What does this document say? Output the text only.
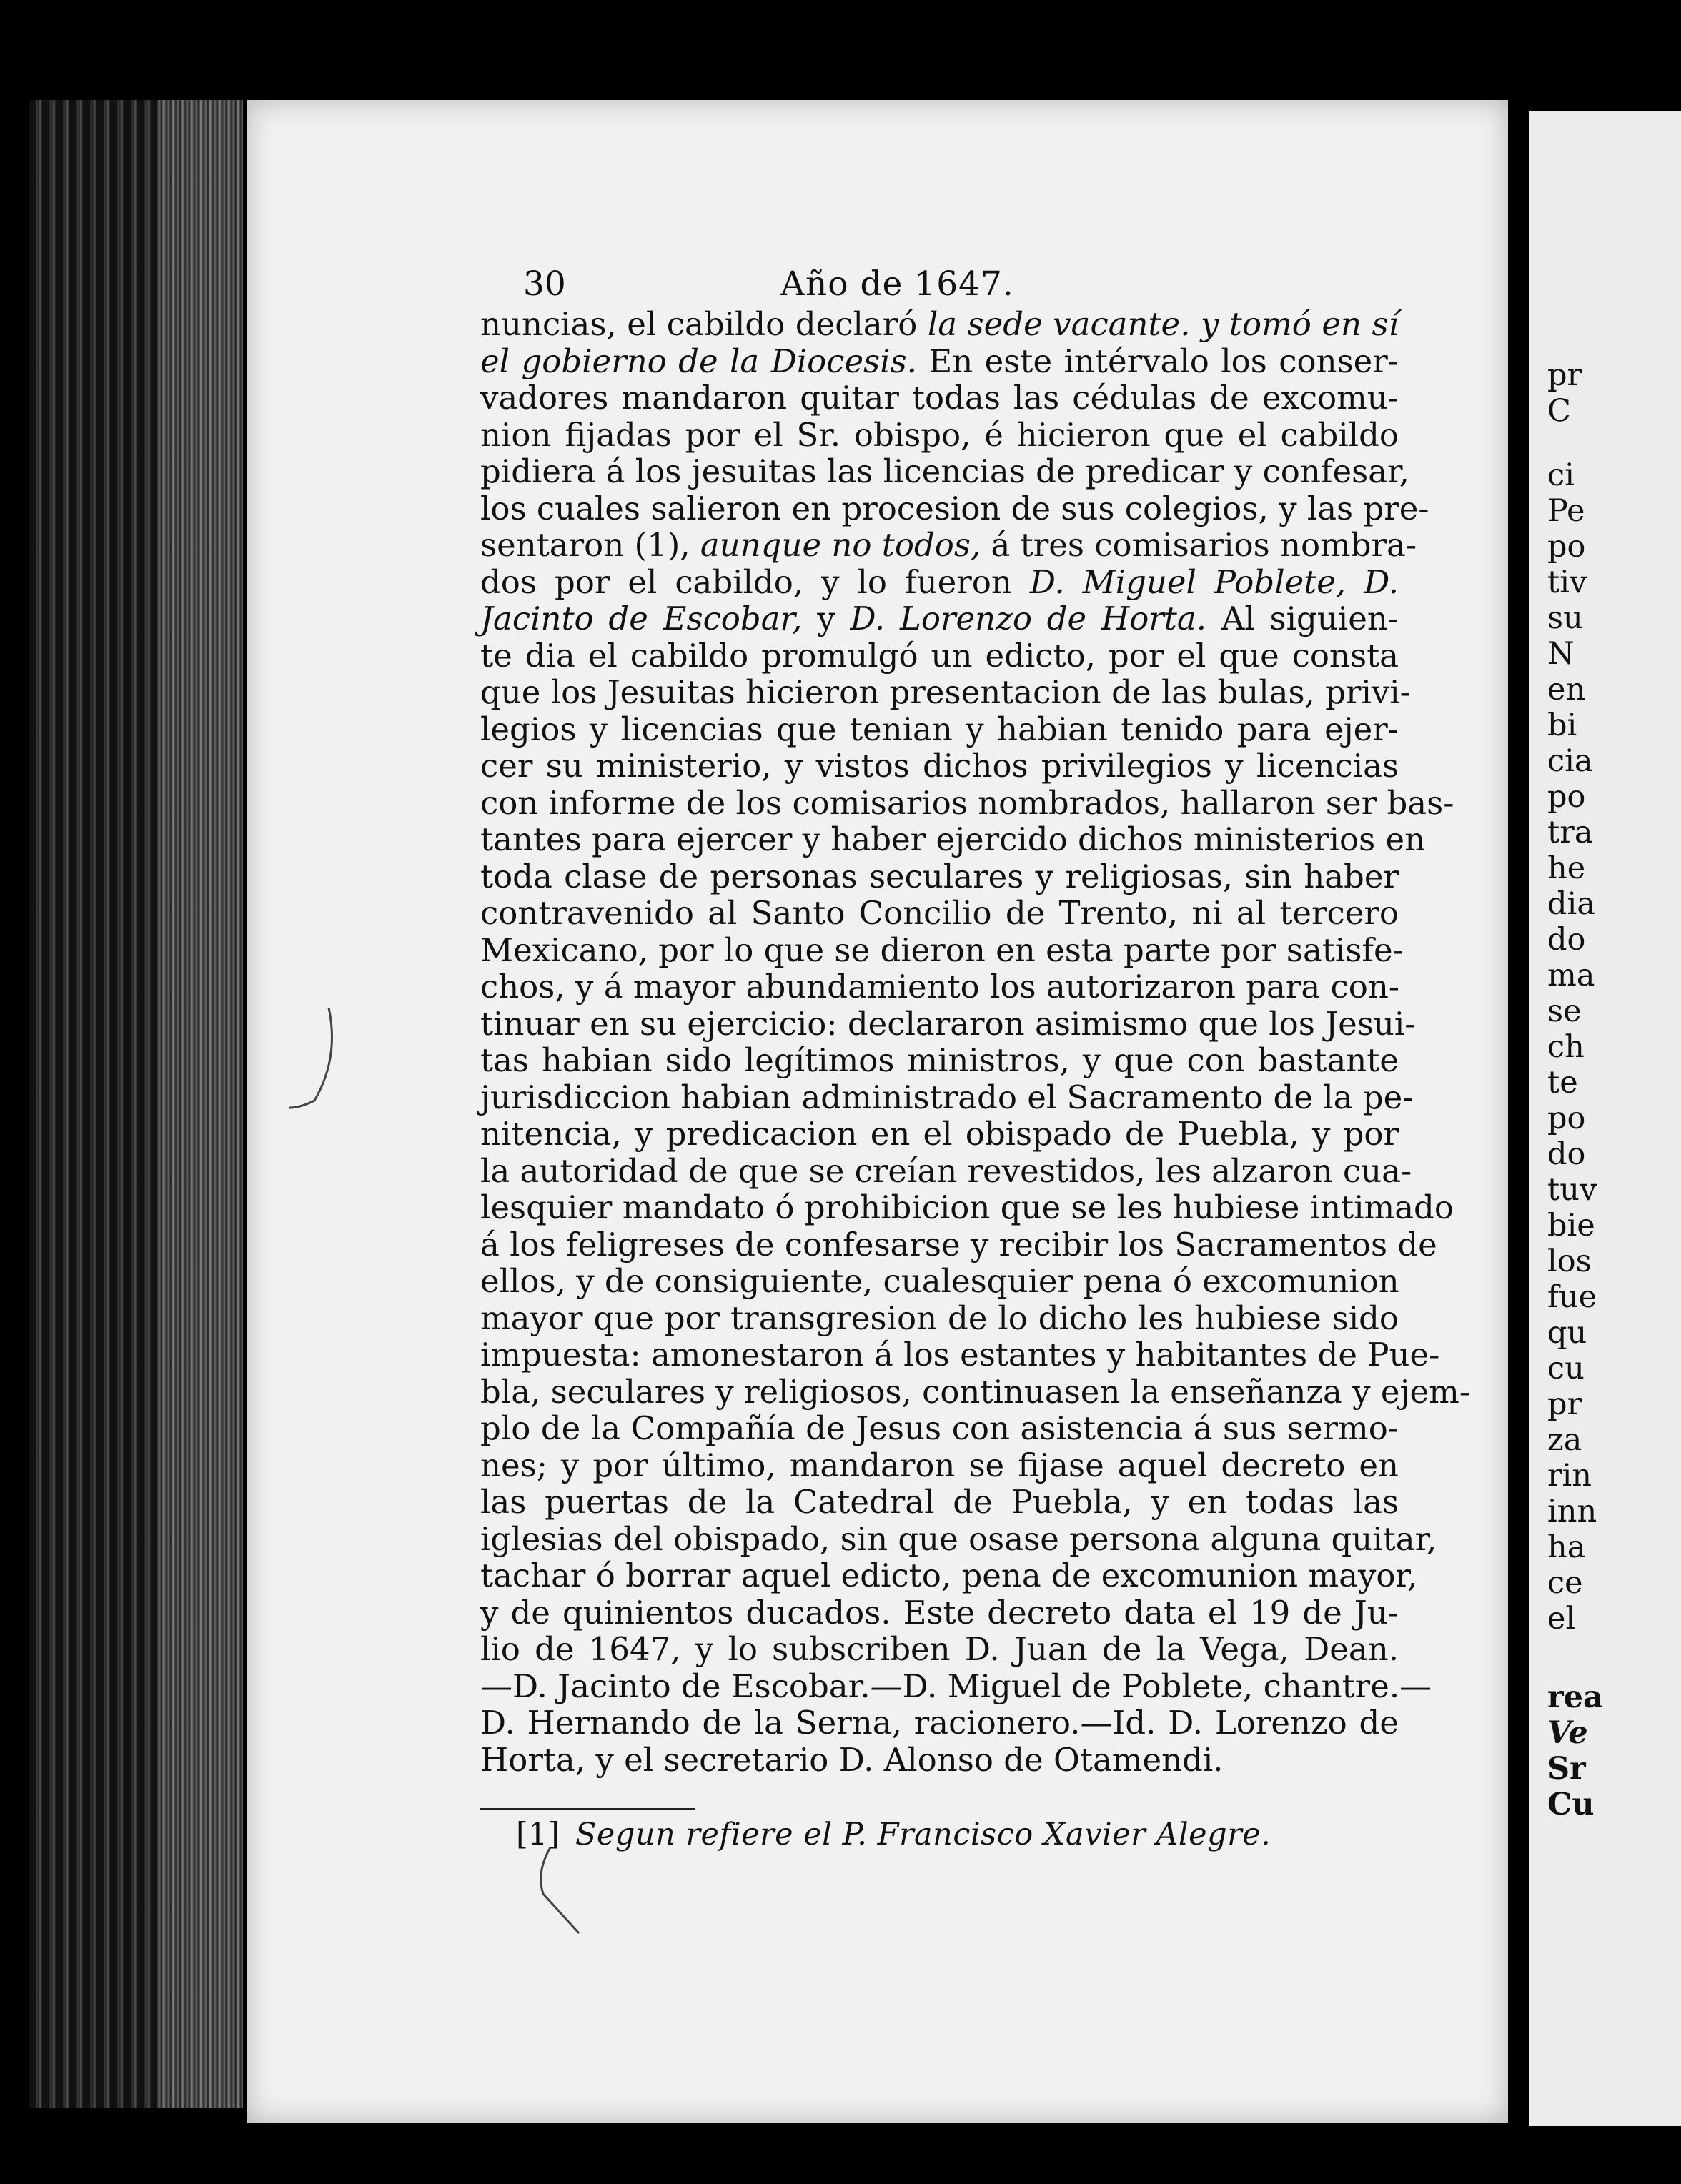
30	Año de 1647.
nuncias, el cabildo declaró la sede vacante. y tomó en sí
el gobierno de la Diocesis. En este intérvalo los conser-
vadores mandaron quitar todas las cédulas de excomu-
nion fijadas por el Sr. obispo, é hicieron que el cabildo
pidiera á los jesuitas las licencias de predicar y confesar,
los cuales salieron en procesion de sus colegios, y las pre-
sentaron (1), aunque no todos, á tres comisarios nombra-
dos por el cabildo, y lo fueron D. Miguel Poblete, D.
Jacinto de Escobar, y D. Lorenzo de Horta. Al siguien-
te dia el cabildo promulgó un edicto, por el que consta
que los Jesuitas hicieron presentacion de las bulas, privi-
legios y licencias que tenian y habian tenido para ejer-
cer su ministerio, y vistos dichos privilegios y licencias
con informe de los comisarios nombrados, hallaron ser bas-
tantes para ejercer y haber ejercido dichos ministerios en
toda clase de personas seculares y religiosas, sin haber
contravenido al Santo Concilio de Trento, ni al tercero
Mexicano, por lo que se dieron en esta parte por satisfe-
chos, y á mayor abundamiento los autorizaron para con-
tinuar en su ejercicio: declararon asimismo que los Jesui-
tas habian sido legítimos ministros, y que con bastante
jurisdiccion habian administrado el Sacramento de la pe-
nitencia, y predicacion en el obispado de Puebla, y por
la autoridad de que se creían revestidos, les alzaron cua-
lesquier mandato ó prohibicion que se les hubiese intimado
á los feligreses de confesarse y recibir los Sacramentos de
ellos, y de consiguiente, cualesquier pena ó excomunion
mayor que por transgresion de lo dicho les hubiese sido
impuesta: amonestaron á los estantes y habitantes de Pue-
bla, seculares y religiosos, continuasen la enseñanza y ejem-
plo de la Compañía de Jesus con asistencia á sus sermo-
nes; y por último, mandaron se fijase aquel decreto en
las puertas de la Catedral de Puebla, y en todas las
iglesias del obispado, sin que osase persona alguna quitar,
tachar ó borrar aquel edicto, pena de excomunion mayor,
y de quinientos ducados. Este decreto data el 19 de Ju-
lio de 1647, y lo subscriben D. Juan de la Vega, Dean.
—D. Jacinto de Escobar.—D. Miguel de Poblete, chantre.—
D. Hernando de la Serna, racionero.—Id. D. Lorenzo de
Horta, y el secretario D. Alonso de Otamendi.
[1] Segun refiere el P. Francisco Xavier Alegre.
pr
C
ci
Pe
po
tiv
su
N
en
bi
cia
po
tra
he
dia
do
ma
se
ch
te
po
do
tuv
bie
los
fue
qu
cu
pr
za
rin
inn
ha
ce
el
rea
Ve
Sr
Cu
